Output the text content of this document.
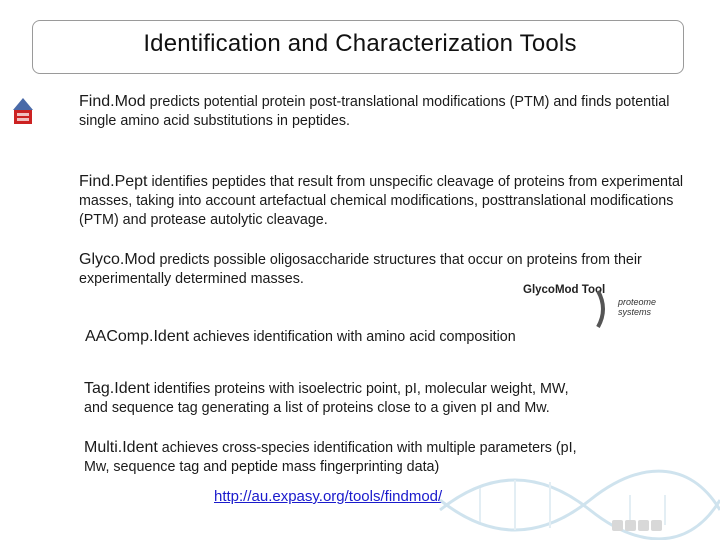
Identification and Characterization Tools
Find.Mod predicts potential protein post-translational modifications (PTM) and finds potential single amino acid substitutions in peptides.
Find.Pept identifies peptides that result from unspecific cleavage of proteins from experimental masses, taking into account artefactual chemical modifications, posttranslational modifications (PTM) and protease autolytic cleavage.
Glyco.Mod predicts possible oligosaccharide structures that occur on proteins from their experimentally determined masses.
GlycoMod Tool
proteome
systems
AAComp.Ident achieves identification with amino acid composition
Tag.Ident identifies proteins with isoelectric point, pI, molecular weight, MW, and sequence tag generating a list of proteins close to a given pI and Mw.
Multi.Ident achieves cross-species identification with multiple parameters (pI, Mw, sequence tag and peptide mass fingerprinting data)
http://au.expasy.org/tools/findmod/
